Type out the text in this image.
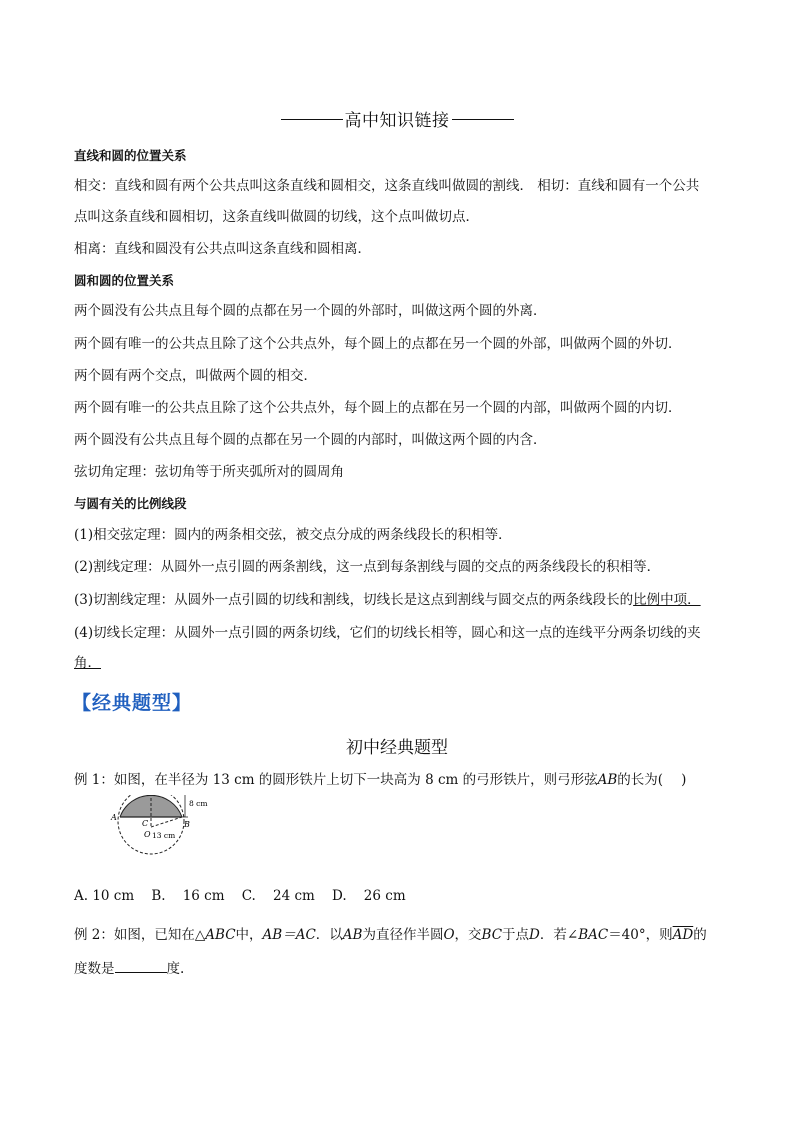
高中知识链接
直线和圆的位置关系
相交：直线和圆有两个公共点叫这条直线和圆相交，这条直线叫做圆的割线． 相切：直线和圆有一个公共
点叫这条直线和圆相切，这条直线叫做圆的切线，这个点叫做切点．
相离：直线和圆没有公共点叫这条直线和圆相离．
圆和圆的位置关系
两个圆没有公共点且每个圆的点都在另一个圆的外部时，叫做这两个圆的外离．
两个圆有唯一的公共点且除了这个公共点外，每个圆上的点都在另一个圆的外部，叫做两个圆的外切．
两个圆有两个交点，叫做两个圆的相交．
两个圆有唯一的公共点且除了这个公共点外，每个圆上的点都在另一个圆的内部，叫做两个圆的内切．
两个圆没有公共点且每个圆的点都在另一个圆的内部时，叫做这两个圆的内含．
弦切角定理：弦切角等于所夹弧所对的圆周角
与圆有关的比例线段
(1)相交弦定理：圆内的两条相交弦，被交点分成的两条线段长的积相等．
(2)割线定理：从圆外一点引圆的两条割线，这一点到每条割线与圆的交点的两条线段长的积相等．
(3)切割线定理：从圆外一点引圆的切线和割线，切线长是这点到割线与圆交点的两条线段长的比例中项．
(4)切线长定理：从圆外一点引圆的两条切线，它们的切线长相等，圆心和这一点的连线平分两条切线的夹
角．
【经典题型】
初中经典题型
例 1：如图，在半径为 13 cm 的圆形铁片上切下一块高为 8 cm 的弓形铁片，则弓形弦AB的长为( )
A
B
C
O
8 cm
13 cm
A. 10 cm    B.    16 cm    C.    24 cm    D.    26 cm
例 2：如图，已知在△ABC中，AB＝AC．以AB为直径作半圆O，交BC于点D．若∠BAC＝40°，则$\overline{AD}$的
度数是	度.
